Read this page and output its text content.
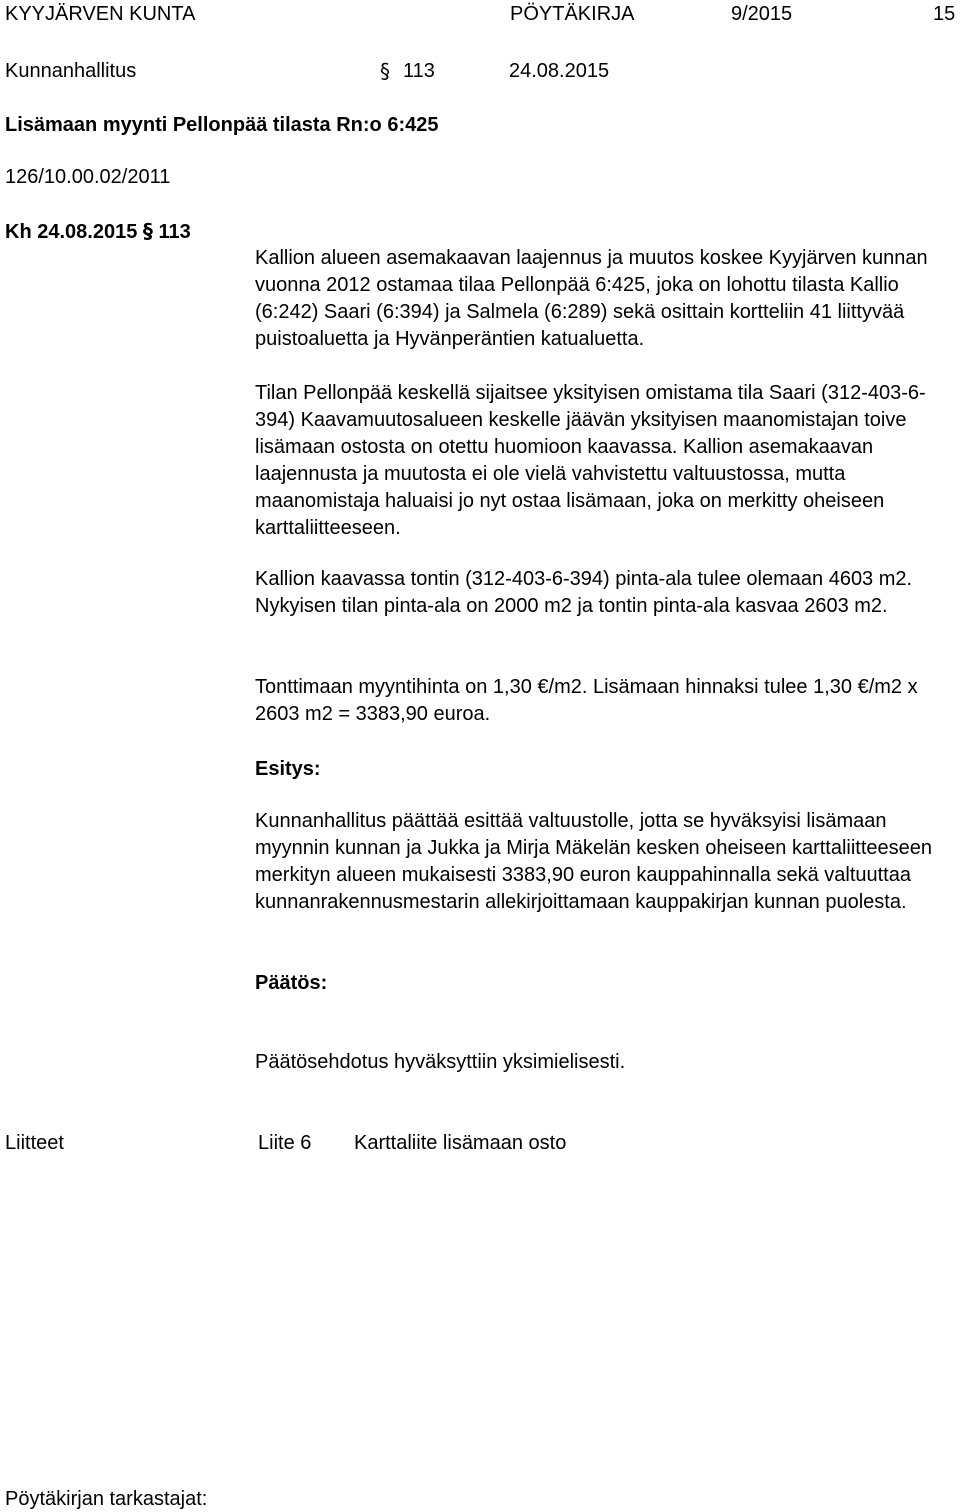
KYYJÄRVEN KUNTA	PÖYTÄKIRJA	9/2015	15
Kunnanhallitus	§ 113	24.08.2015
Lisämaan myynti Pellonpää tilasta Rn:o 6:425
126/10.00.02/2011
Kh 24.08.2015 § 113
Kallion alueen asemakaavan laajennus ja muutos koskee Kyyjärven kunnan vuonna 2012 ostamaa tilaa Pellonpää 6:425, joka on lohottu tilasta Kallio (6:242) Saari (6:394) ja Salmela (6:289) sekä osittain kortteliin 41 liittyvää puistoaluetta ja Hyvänperäntien katualuetta.
Tilan Pellonpää keskellä sijaitsee yksityisen omistama tila Saari (312-403-6-394) Kaavamuutosalueen keskelle jäävän yksityisen maanomistajan toive lisämaan ostosta on otettu huomioon kaavassa. Kallion asemakaavan laajennusta ja muutosta ei ole vielä vahvistettu valtuustossa, mutta maanomistaja haluaisi jo nyt ostaa lisämaan, joka on merkitty oheiseen karttaliitteeseen.
Kallion kaavassa tontin (312-403-6-394) pinta-ala tulee olemaan 4603 m2. Nykyisen tilan pinta-ala on 2000 m2 ja tontin pinta-ala kasvaa 2603 m2.
Tonttimaan myyntihinta on 1,30 €/m2. Lisämaan hinnaksi tulee 1,30 €/m2 x 2603 m2 = 3383,90 euroa.
Esitys:
Kunnanhallitus päättää esittää valtuustolle, jotta se hyväksyisi lisämaan myynnin kunnan ja Jukka ja Mirja Mäkelän kesken oheiseen karttaliitteeseen merkityn alueen mukaisesti 3383,90 euron kauppahinnalla sekä valtuuttaa kunnanrakennusmestarin allekirjoittamaan kauppakirjan kunnan puolesta.
Päätös:
Päätösehdotus hyväksyttiin yksimielisesti.
Liitteet	Liite 6 Karttaliite lisämaan osto
Pöytäkirjan tarkastajat:
